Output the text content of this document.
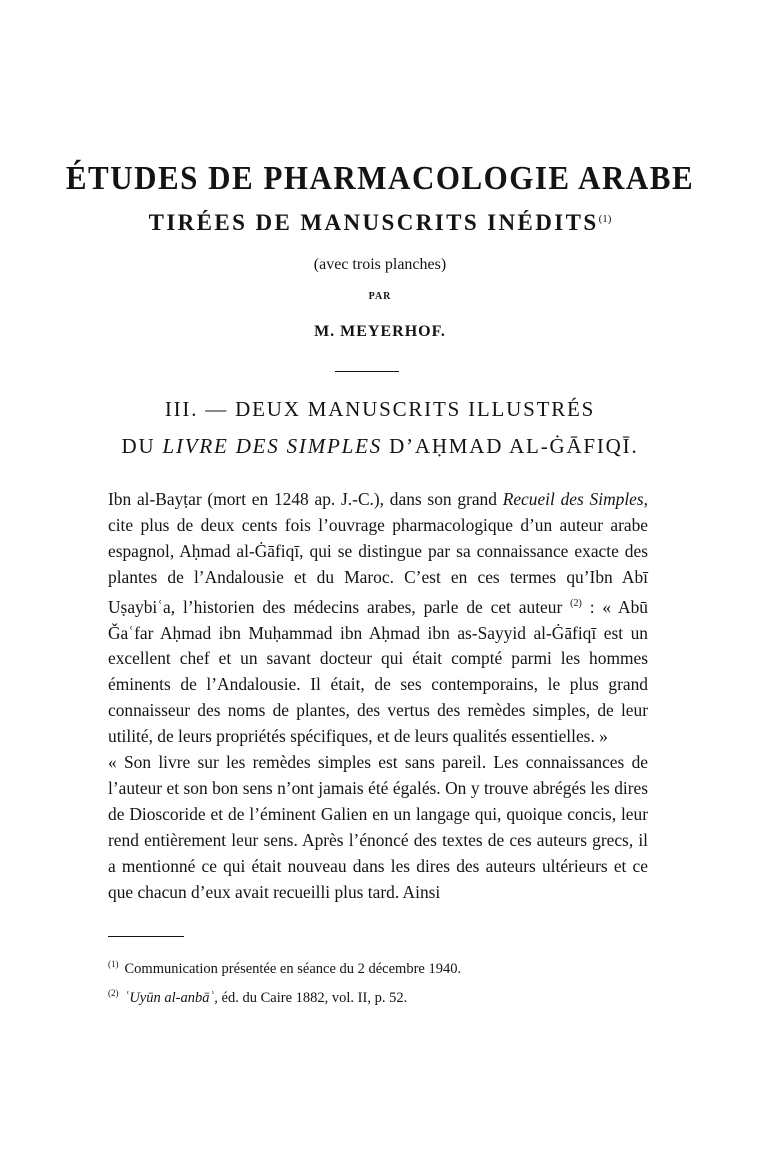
ÉTUDES DE PHARMACOLOGIE ARABE
TIRÉES DE MANUSCRITS INÉDITS$^{(1)}$
(avec trois planches)
PAR
M. MEYERHOF.
III. — DEUX MANUSCRITS ILLUSTRÉS
DU LIVRE DES SIMPLES D’AḤMAD AL-ĠĀFIQĪ.

Ibn al-Bayṭar (mort en 1248 ap. J.-C.), dans son grand Recueil des Simples, cite plus de deux cents fois l’ouvrage pharmacologique d’un auteur arabe espagnol, Aḥmad al-Ġāfiqī, qui se distingue par sa connaissance exacte des plantes de l’Andalousie et du Maroc. C’est en ces termes qu’Ibn Abī Uṣaybiʿa, l’historien des médecins arabes, parle de cet auteur $^{(2)}$ : « Abū Ǧaʿfar Aḥmad ibn Muḥammad ibn Aḥmad ibn as-Sayyid al-Ġāfiqī est un excellent chef et un savant docteur qui était compté parmi les hommes éminents de l’Andalousie. Il était, de ses contemporains, le plus grand connaisseur des noms de plantes, des vertus des remèdes simples, de leur utilité, de leurs propriétés spécifiques, et de leurs qualités essentielles. »

« Son livre sur les remèdes simples est sans pareil. Les connaissances de l’auteur et son bon sens n’ont jamais été égalés. On y trouve abrégés les dires de Dioscoride et de l’éminent Galien en un langage qui, quoique concis, leur rend entièrement leur sens. Après l’énoncé des textes de ces auteurs grecs, il a mentionné ce qui était nouveau dans les dires des auteurs ultérieurs et ce que chacun d’eux avait recueilli plus tard. Ainsi

$^{(1)}$ Communication présentée en séance du 2 décembre 1940.
$^{(2)}$ ʿUyūn al-anbāʾ, éd. du Caire 1882, vol. II, p. 52.
